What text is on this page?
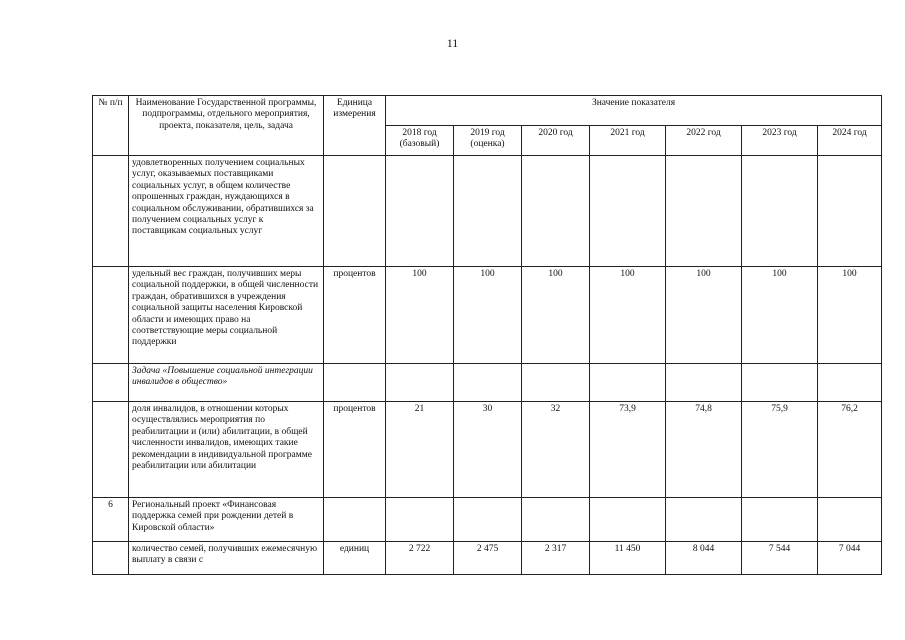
11
№ п/п	Наименование Государственной программы, подпрограммы, отдельного мероприятия, проекта, показателя, цель, задача	Единица измерения	Значение показателя						
			2018 год (базовый)	2019 год (оценка)	2020 год	2021 год	2022 год	2023 год	2024 год
	удовлетворенных получением социальных услуг, оказываемых поставщиками социальных услуг, в общем количестве опрошенных граждан, нуждающихся в социальном обслуживании, обратившихся за получением социальных услуг к поставщикам социальных услуг								
	удельный вес граждан, получивших меры социальной поддержки, в общей численности граждан, обратившихся в учреждения социальной защиты населения Кировской области и имеющих право на соответствующие меры социальной поддержки	процентов	100	100	100	100	100	100	100
	Задача «Повышение социальной интеграции инвалидов в общество»								
	доля инвалидов, в отношении которых осуществлялись мероприятия по реабилитации и (или) абилитации, в общей численности инвалидов, имеющих такие рекомендации в индивидуальной программе реабилитации или абилитации	процентов	21	30	32	73,9	74,8	75,9	76,2
6	Региональный проект «Финансовая поддержка семей при рождении детей в Кировской области»								
	количество семей, получивших ежемесячную выплату в связи с	единиц	2 722	2 475	2 317	11 450	8 044	7 544	7 044
